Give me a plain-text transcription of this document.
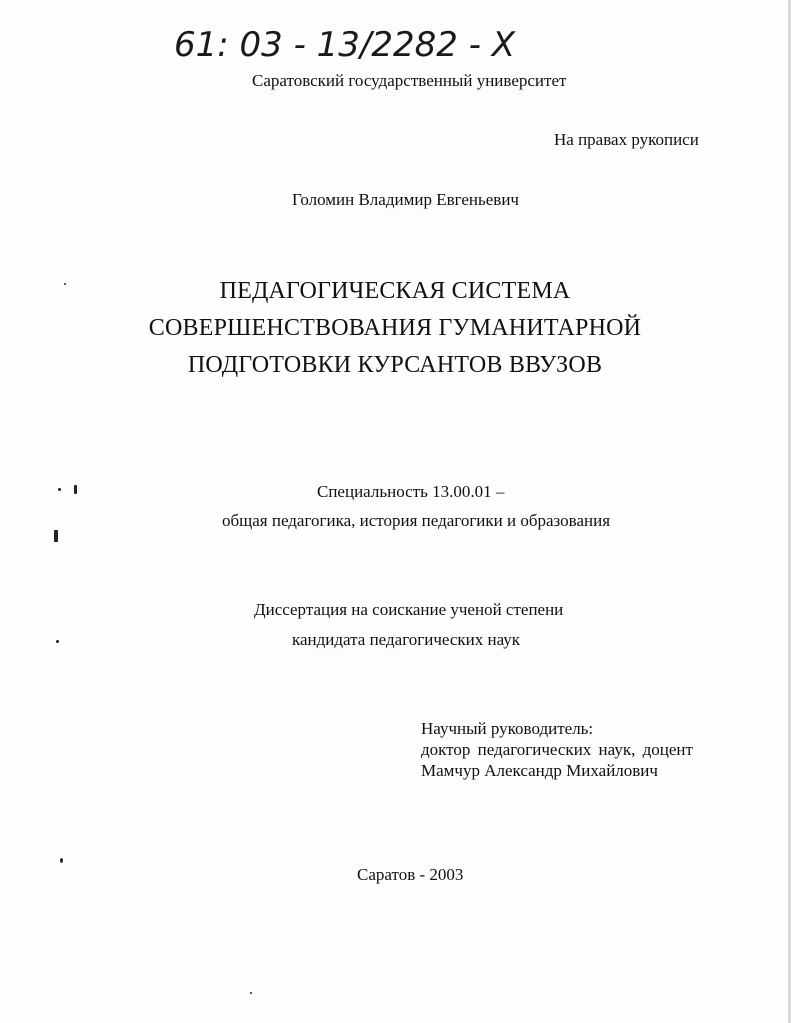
61: 03 - 13/2282 - X
Саратовский государственный университет
На правах рукописи
Голомин Владимир Евгеньевич
ПЕДАГОГИЧЕСКАЯ СИСТЕМА
СОВЕРШЕНСТВОВАНИЯ ГУМАНИТАРНОЙ
ПОДГОТОВКИ КУРСАНТОВ ВВУЗОВ
Специальность 13.00.01 –
общая педагогика, история педагогики и образования
Диссертация на соискание ученой степени
кандидата педагогических наук
Научный руководитель:
доктор педагогических наук, доцент
Мамчур Александр Михайлович
Саратов - 2003
